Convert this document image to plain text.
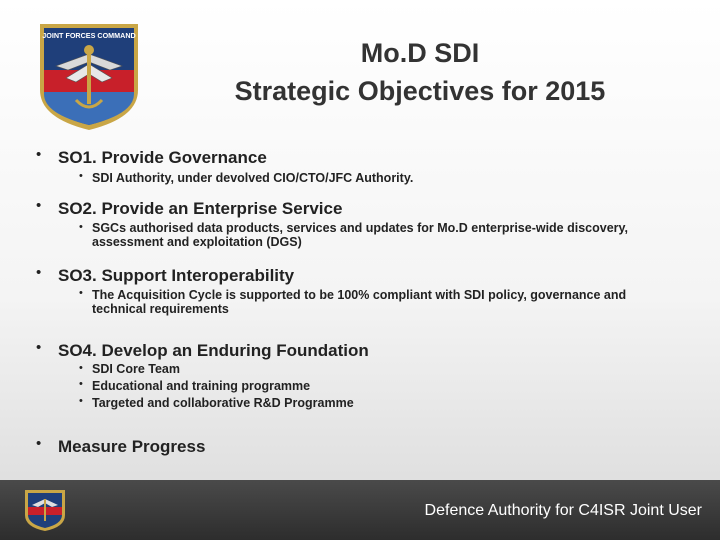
JOINT FORCES COMMAND
Mo.D SDI
Strategic Objectives for 2015
• SO1. Provide Governance
• SDI Authority, under devolved CIO/CTO/JFC Authority.
• SO2. Provide an Enterprise Service
• SGCs authorised data products, services and updates for Mo.D enterprise-wide discovery, assessment and exploitation (DGS)
• SO3. Support Interoperability
• The Acquisition Cycle is supported to be 100% compliant with SDI policy, governance and technical requirements
• SO4. Develop an Enduring Foundation
• SDI Core Team
• Educational and training programme
• Targeted and collaborative R&D Programme
• Measure Progress
Defence Authority for C4ISR Joint User
